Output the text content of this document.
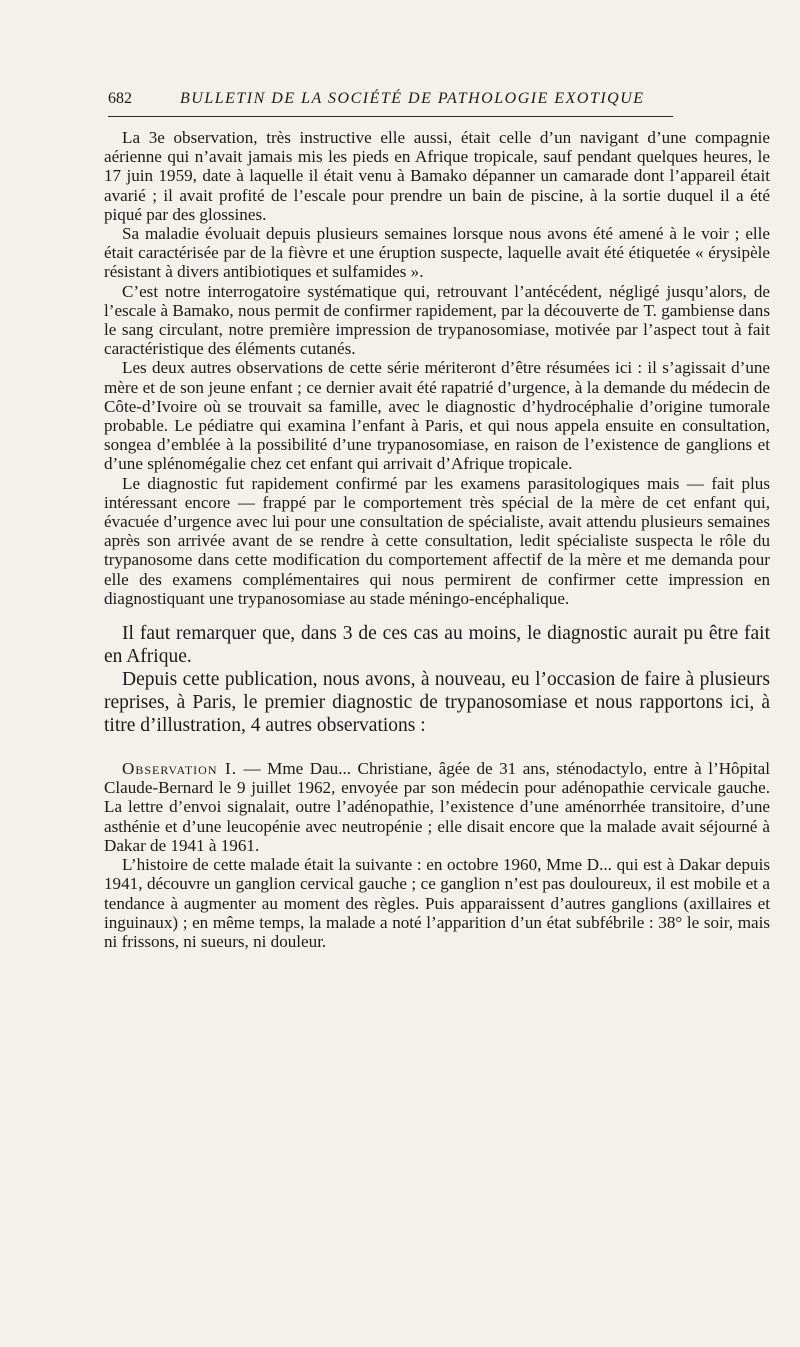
682	BULLETIN DE LA SOCIÉTÉ DE PATHOLOGIE EXOTIQUE

La 3e observation, très instructive elle aussi, était celle d’un navigant d’une compagnie aérienne qui n’avait jamais mis les pieds en Afrique tropicale, sauf pendant quelques heures, le 17 juin 1959, date à laquelle il était venu à Bamako dépanner un camarade dont l’appareil était avarié ; il avait profité de l’escale pour prendre un bain de piscine, à la sortie duquel il a été piqué par des glossines.

Sa maladie évoluait depuis plusieurs semaines lorsque nous avons été amené à le voir ; elle était caractérisée par de la fièvre et une éruption suspecte, laquelle avait été étiquetée « érysipèle résistant à divers antibiotiques et sulfamides ».

C’est notre interrogatoire systématique qui, retrouvant l’antécédent, négligé jusqu’alors, de l’escale à Bamako, nous permit de confirmer rapidement, par la découverte de T. gambiense dans le sang circulant, notre première impression de trypanosomiase, motivée par l’aspect tout à fait caractéristique des éléments cutanés.

Les deux autres observations de cette série mériteront d’être résumées ici : il s’agissait d’une mère et de son jeune enfant ; ce dernier avait été rapatrié d’urgence, à la demande du médecin de Côte-d’Ivoire où se trouvait sa famille, avec le diagnostic d’hydrocéphalie d’origine tumorale probable. Le pédiatre qui examina l’enfant à Paris, et qui nous appela ensuite en consultation, songea d’emblée à la possibilité d’une trypanosomiase, en raison de l’existence de ganglions et d’une splénomégalie chez cet enfant qui arrivait d’Afrique tropicale.

Le diagnostic fut rapidement confirmé par les examens parasitologiques mais — fait plus intéressant encore — frappé par le comportement très spécial de la mère de cet enfant qui, évacuée d’urgence avec lui pour une consultation de spécialiste, avait attendu plusieurs semaines après son arrivée avant de se rendre à cette consultation, ledit spécialiste suspecta le rôle du trypanosome dans cette modification du comportement affectif de la mère et me demanda pour elle des examens complémentaires qui nous permirent de confirmer cette impression en diagnostiquant une trypanosomiase au stade méningo-encéphalique.

Il faut remarquer que, dans 3 de ces cas au moins, le diagnostic aurait pu être fait en Afrique.

Depuis cette publication, nous avons, à nouveau, eu l’occasion de faire à plusieurs reprises, à Paris, le premier diagnostic de trypanosomiase et nous rapportons ici, à titre d’illustration, 4 autres observations :

Observation I. — Mme Dau... Christiane, âgée de 31 ans, sténodactylo, entre à l’Hôpital Claude-Bernard le 9 juillet 1962, envoyée par son médecin pour adénopathie cervicale gauche. La lettre d’envoi signalait, outre l’adénopathie, l’existence d’une aménorrhée transitoire, d’une asthénie et d’une leucopénie avec neutropénie ; elle disait encore que la malade avait séjourné à Dakar de 1941 à 1961.

L’histoire de cette malade était la suivante : en octobre 1960, Mme D... qui est à Dakar depuis 1941, découvre un ganglion cervical gauche ; ce ganglion n’est pas douloureux, il est mobile et a tendance à augmenter au moment des règles. Puis apparaissent d’autres ganglions (axillaires et inguinaux) ; en même temps, la malade a noté l’apparition d’un état subfébrile : 38° le soir, mais ni frissons, ni sueurs, ni douleur.
